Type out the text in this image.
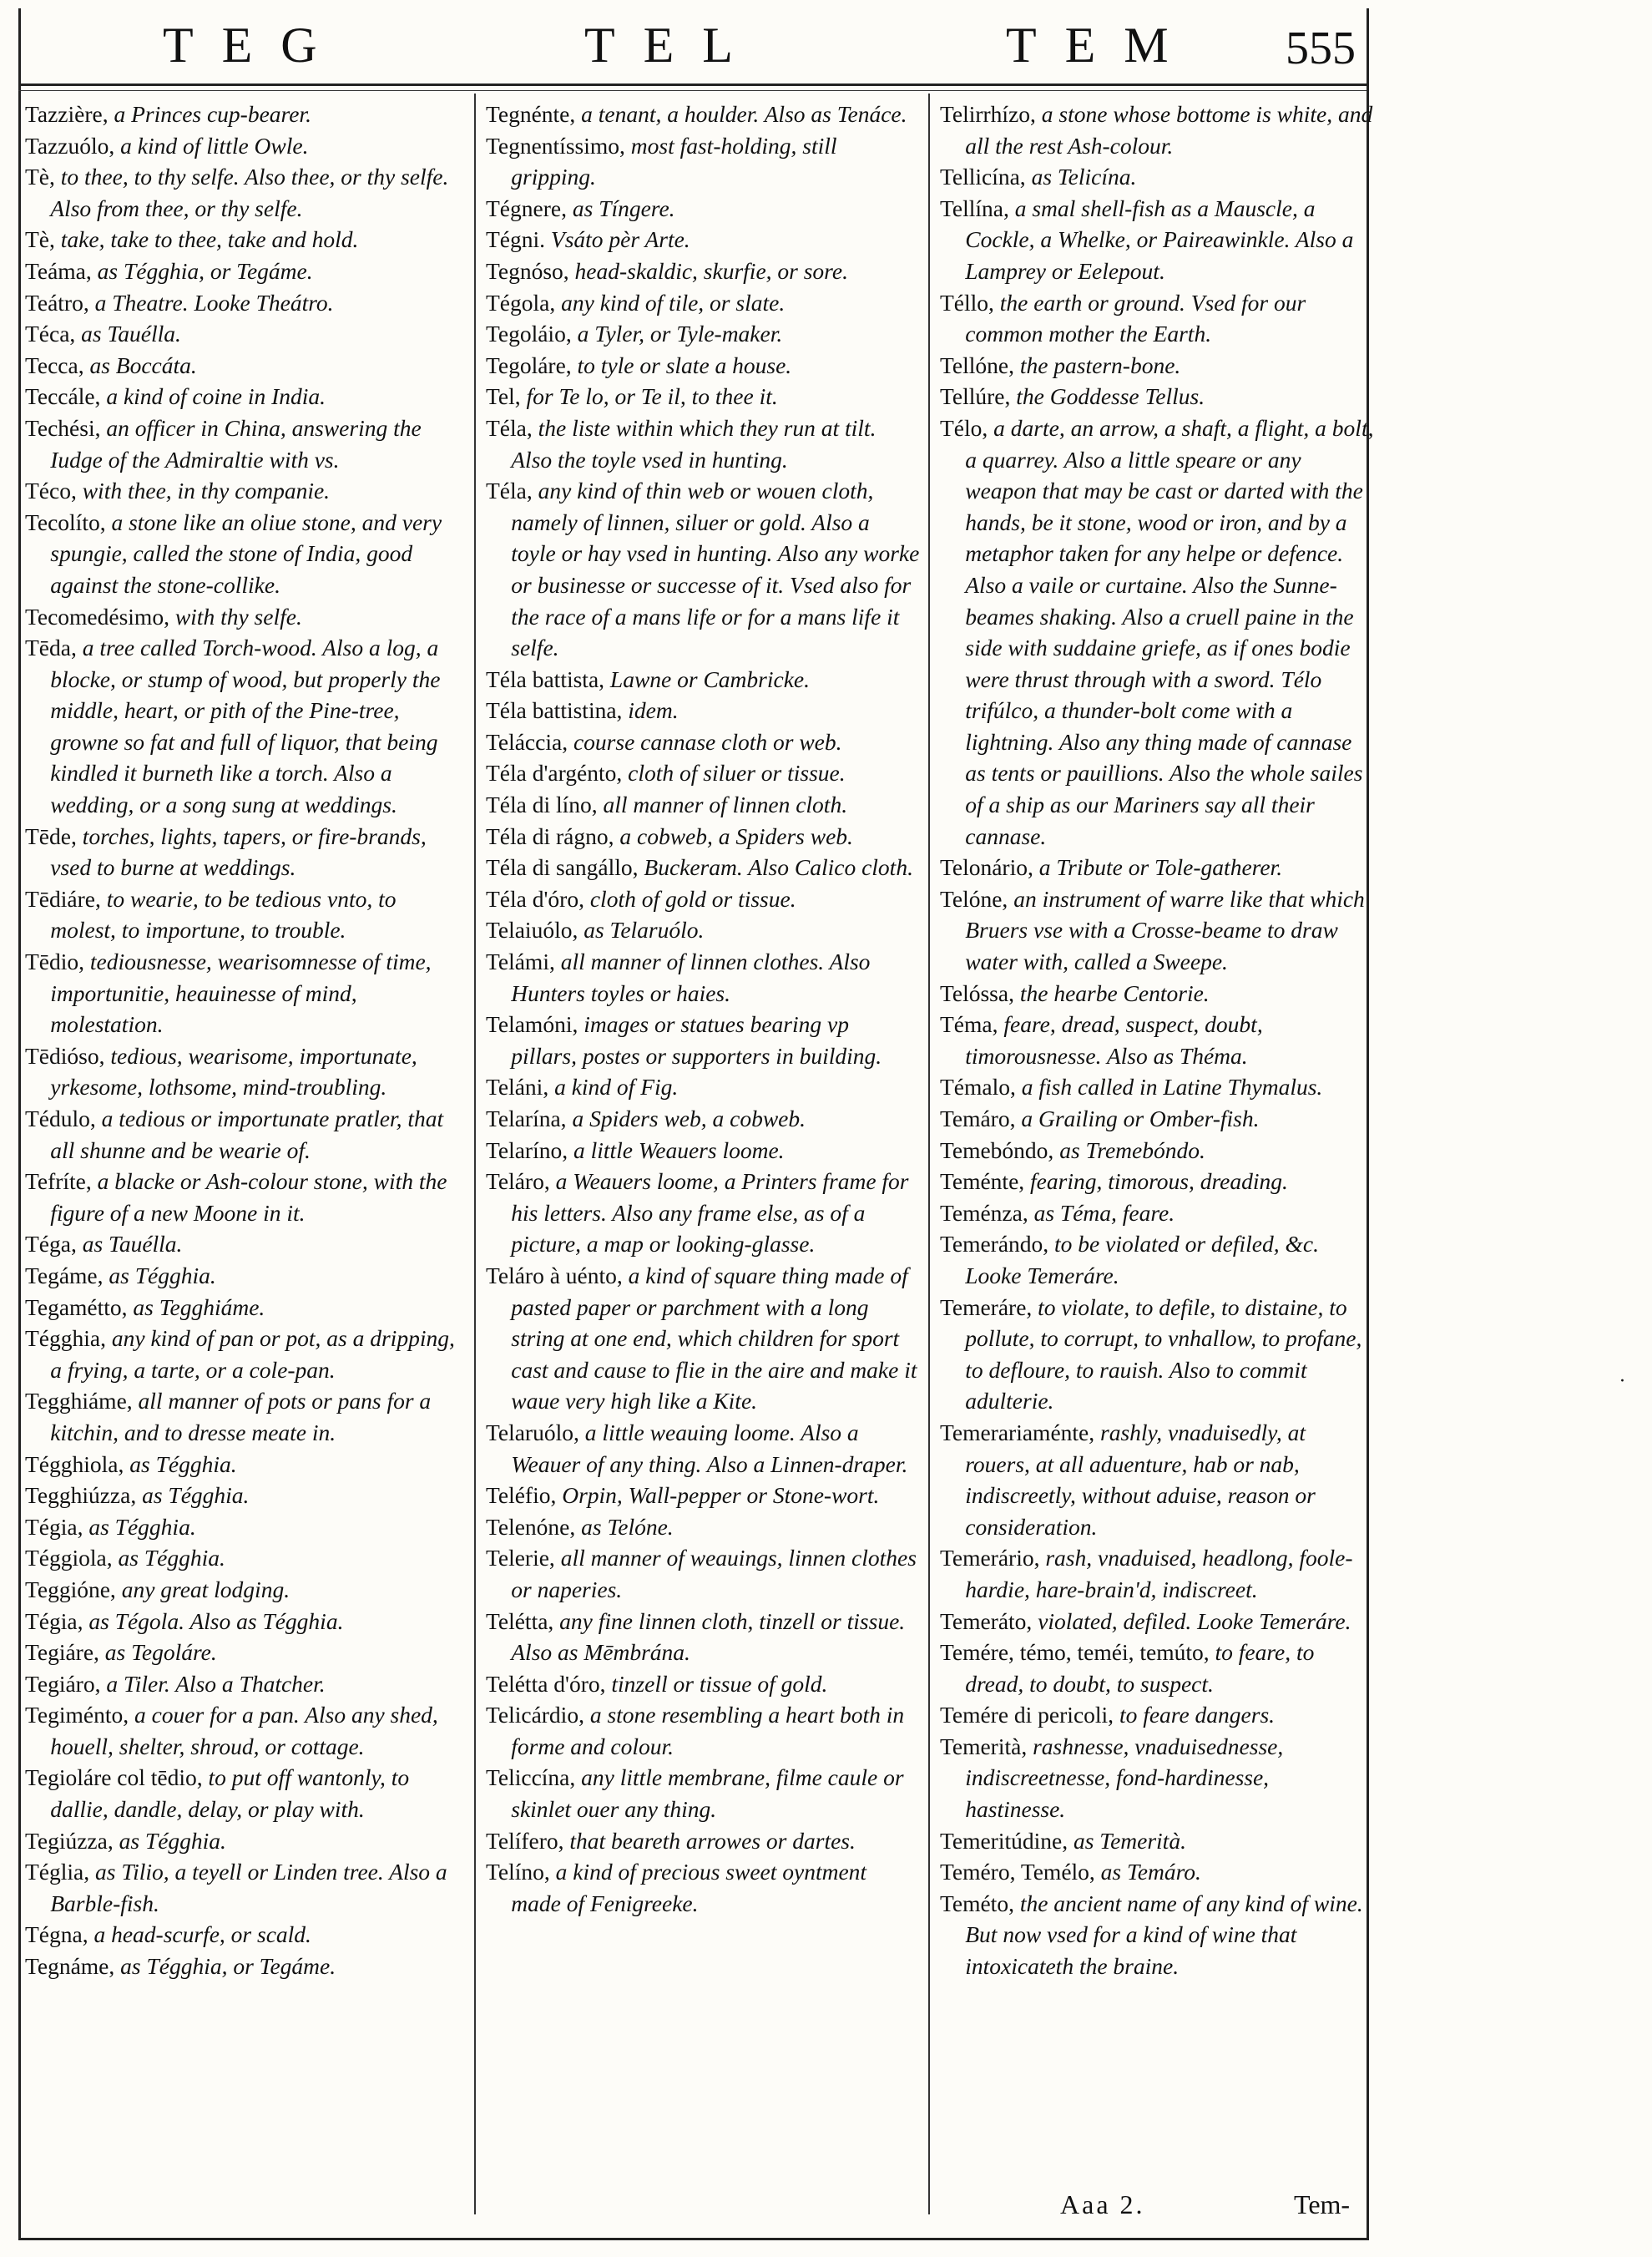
TEG	TEL	TEM 555

Tazzière, a Princes cup-bearer.

Tazzuólo, a kind of little Owle.

Tè, to thee, to thy selfe. Also thee, or thy selfe. Also from thee, or thy selfe.

Tè, take, take to thee, take and hold.

Teáma, as Tégghia, or Tegáme.

Teátro, a Theatre. Looke Theátro.

Téca, as Tauélla.

Tecca, as Boccáta.

Teccále, a kind of coine in India.

Techési, an officer in China, answering the Iudge of the Admiraltie with vs.

Téco, with thee, in thy companie.

Tecolíto, a stone like an oliue stone, and very spungie, called the stone of India, good against the stone-collike.

Tecomedésimo, with thy selfe.

Tēda, a tree called Torch-wood. Also a log, a blocke, or stump of wood, but properly the middle, heart, or pith of the Pine-tree, growne so fat and full of liquor, that being kindled it burneth like a torch. Also a wedding, or a song sung at weddings.

Tēde, torches, lights, tapers, or fire-brands, vsed to burne at weddings.

Tēdiáre, to wearie, to be tedious vnto, to molest, to importune, to trouble.

Tēdio, tediousnesse, wearisomnesse of time, importunitie, heauinesse of mind, molestation.

Tēdióso, tedious, wearisome, importunate, yrkesome, lothsome, mind-troubling.

Tédulo, a tedious or importunate pratler, that all shunne and be wearie of.

Tefríte, a blacke or Ash-colour stone, with the figure of a new Moone in it.

Téga, as Tauélla.

Tegáme, as Tégghia.

Tegamétto, as Tegghiáme.

Tégghia, any kind of pan or pot, as a dripping, a frying, a tarte, or a cole-pan.

Tegghiáme, all manner of pots or pans for a kitchin, and to dresse meate in.

Tégghiola, as Tégghia.

Tegghiúzza, as Tégghia.

Tégia, as Tégghia.

Téggiola, as Tégghia.

Teggióne, any great lodging.

Tégia, as Tégola. Also as Tégghia.

Tegiáre, as Tegoláre.

Tegiáro, a Tiler. Also a Thatcher.

Tegiménto, a couer for a pan. Also any shed, houell, shelter, shroud, or cottage.

Tegioláre col tēdio, to put off wantonly, to dallie, dandle, delay, or play with.

Tegiúzza, as Tégghia.

Téglia, as Tilio, a teyell or Linden tree. Also a Barble-fish.

Tégna, a head-scurfe, or scald.

Tegnáme, as Tégghia, or Tegáme.

Tegnénte, a tenant, a houlder. Also as Tenáce.

Tegnentíssimo, most fast-holding, still gripping.

Tégnere, as Tíngere.

Tégni. Vsáto pèr Arte.

Tegnóso, head-skaldic, skurfie, or sore.

Tégola, any kind of tile, or slate.

Tegoláio, a Tyler, or Tyle-maker.

Tegoláre, to tyle or slate a house.

Tel, for Te lo, or Te il, to thee it.

Téla, the liste within which they run at tilt. Also the toyle vsed in hunting.

Téla, any kind of thin web or wouen cloth, namely of linnen, siluer or gold. Also a toyle or hay vsed in hunting. Also any worke or businesse or successe of it. Vsed also for the race of a mans life or for a mans life it selfe.

Téla battista, Lawne or Cambricke.

Téla battistina, idem.

Teláccia, course cannase cloth or web.

Téla d'argénto, cloth of siluer or tissue.

Téla di líno, all manner of linnen cloth.

Téla di rágno, a cobweb, a Spiders web.

Téla di sangállo, Buckeram. Also Calico cloth.

Téla d'óro, cloth of gold or tissue.

Telaiuólo, as Telaruólo.

Telámi, all manner of linnen clothes. Also Hunters toyles or haies.

Telamóni, images or statues bearing vp pillars, postes or supporters in building.

Teláni, a kind of Fig.

Telarína, a Spiders web, a cobweb.

Telaríno, a little Weauers loome.

Teláro, a Weauers loome, a Printers frame for his letters. Also any frame else, as of a picture, a map or looking-glasse.

Teláro à uénto, a kind of square thing made of pasted paper or parchment with a long string at one end, which children for sport cast and cause to flie in the aire and make it waue very high like a Kite.

Telaruólo, a little weauing loome. Also a Weauer of any thing. Also a Linnen-draper.

Teléfio, Orpin, Wall-pepper or Stone-wort.

Telenóne, as Telóne.

Telerie, all manner of weauings, linnen clothes or naperies.

Telétta, any fine linnen cloth, tinzell or tissue. Also as Mēmbrána.

Telétta d'óro, tinzell or tissue of gold.

Telicárdio, a stone resembling a heart both in forme and colour.

Teliccína, any little membrane, filme caule or skinlet ouer any thing.

Telífero, that beareth arrowes or dartes.

Telíno, a kind of precious sweet oyntment made of Fenigreeke.

Telirrhízo, a stone whose bottome is white, and all the rest Ash-colour.

Tellicína, as Telicína.

Tellína, a smal shell-fish as a Mauscle, a Cockle, a Whelke, or Paireawinkle. Also a Lamprey or Eelepout.

Téllo, the earth or ground. Vsed for our common mother the Earth.

Tellóne, the pastern-bone.

Tellúre, the Goddesse Tellus.

Télo, a darte, an arrow, a shaft, a flight, a bolt, a quarrey. Also a little speare or any weapon that may be cast or darted with the hands, be it stone, wood or iron, and by a metaphor taken for any helpe or defence. Also a vaile or curtaine. Also the Sunne-beames shaking. Also a cruell paine in the side with suddaine griefe, as if ones bodie were thrust through with a sword. Télo trifúlco, a thunder-bolt come with a lightning. Also any thing made of cannase as tents or pauillions. Also the whole sailes of a ship as our Mariners say all their cannase.

Telonário, a Tribute or Tole-gatherer.

Telóne, an instrument of warre like that which Bruers vse with a Crosse-beame to draw water with, called a Sweepe.

Telóssa, the hearbe Centorie.

Téma, feare, dread, suspect, doubt, timorousnesse. Also as Théma.

Témalo, a fish called in Latine Thymalus.

Temáro, a Grailing or Omber-fish.

Temebóndo, as Tremebóndo.

Teménte, fearing, timorous, dreading.

Teménza, as Téma, feare.

Temerándo, to be violated or defiled, &c. Looke Temeráre.

Temeráre, to violate, to defile, to distaine, to pollute, to corrupt, to vnhallow, to profane, to defloure, to rauish. Also to commit adulterie.

Temerariaménte, rashly, vnaduisedly, at rouers, at all aduenture, hab or nab, indiscreetly, without aduise, reason or consideration.

Temerário, rash, vnaduised, headlong, foole-hardie, hare-brain'd, indiscreet.

Temeráto, violated, defiled. Looke Temeráre.

Temére, témo, teméi, temúto, to feare, to dread, to doubt, to suspect.

Temére di pericoli, to feare dangers.

Temerità, rashnesse, vnaduisednesse, indiscreetnesse, fond-hardinesse, hastinesse.

Temeritúdine, as Temerità.

Teméro, Temélo, as Temáro.

Teméto, the ancient name of any kind of wine. But now vsed for a kind of wine that intoxicateth the braine.

Aaa 2.	Tem-
·
